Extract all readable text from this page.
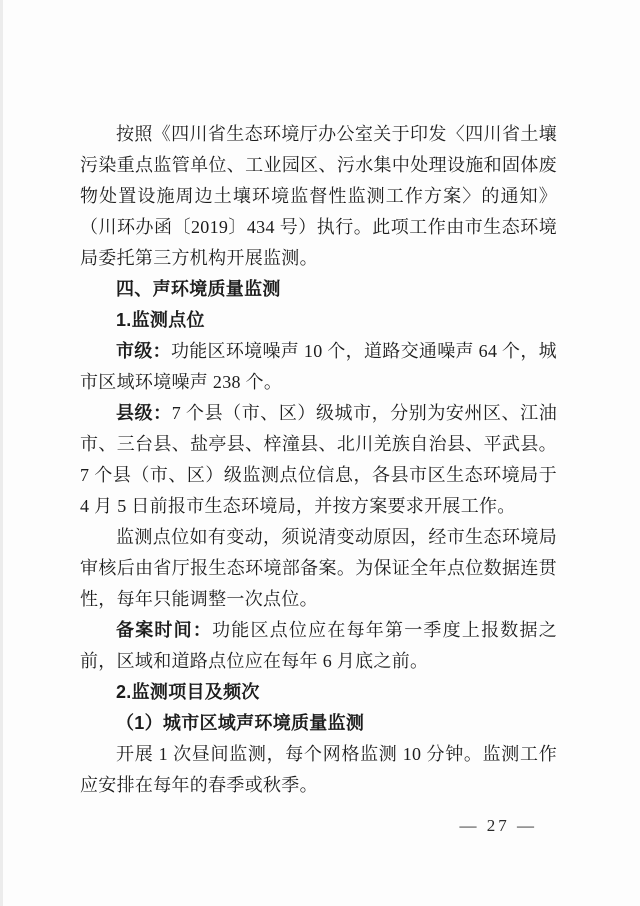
按照《四川省生态环境厅办公室关于印发〈四川省土壤污染重点监管单位、工业园区、污水集中处理设施和固体废物处置设施周边土壤环境监督性监测工作方案〉的通知》（川环办函〔2019〕434 号）执行。此项工作由市生态环境局委托第三方机构开展监测。

四、声环境质量监测

1.监测点位

市级：功能区环境噪声 10 个，道路交通噪声 64 个，城市区域环境噪声 238 个。

县级：7 个县（市、区）级城市，分别为安州区、江油市、三台县、盐亭县、梓潼县、北川羌族自治县、平武县。7 个县（市、区）级监测点位信息，各县市区生态环境局于 4 月 5 日前报市生态环境局，并按方案要求开展工作。

监测点位如有变动，须说清变动原因，经市生态环境局审核后由省厅报生态环境部备案。为保证全年点位数据连贯性，每年只能调整一次点位。

备案时间：功能区点位应在每年第一季度上报数据之前，区域和道路点位应在每年 6 月底之前。

2.监测项目及频次

（1）城市区域声环境质量监测

开展 1 次昼间监测，每个网格监测 10 分钟。监测工作应安排在每年的春季或秋季。

— 27 —
